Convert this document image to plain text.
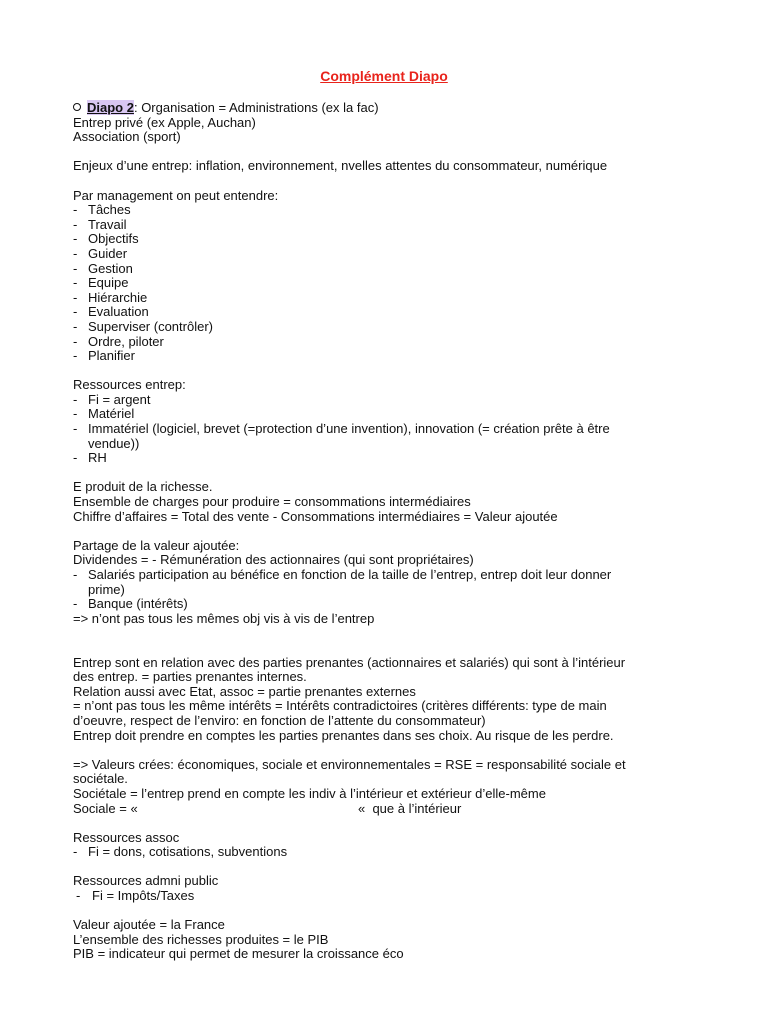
Complément Diapo
Diapo 2: Organisation = Administrations (ex la fac)
Entrep privé (ex Apple, Auchan)
Association (sport)
Enjeux d’une entrep: inflation, environnement, nvelles attentes du consommateur, numérique
Par management on peut entendre:
- Tâches
- Travail
- Objectifs
- Guider
- Gestion
- Equipe
- Hiérarchie
- Evaluation
- Superviser (contrôler)
- Ordre, piloter
- Planifier
Ressources entrep:
- Fi = argent
- Matériel
- Immatériel (logiciel, brevet (=protection d’une invention), innovation (= création prête à être
vendue))
- RH
E produit de la richesse.
Ensemble de charges pour produire = consommations intermédiaires
Chiffre d’affaires = Total des vente - Consommations intermédiaires = Valeur ajoutée
Partage de la valeur ajoutée:
Dividendes = - Rémunération des actionnaires (qui sont propriétaires)
- Salariés participation au bénéfice en fonction de la taille de l’entrep, entrep doit leur donner
prime)
- Banque (intérêts)
=> n’ont pas tous les mêmes obj vis à vis de l’entrep
Entrep sont en relation avec des parties prenantes (actionnaires et salariés) qui sont à l’intérieur
des entrep. = parties prenantes internes.
Relation aussi avec Etat, assoc = partie prenantes externes
= n’ont pas tous les même intérêts = Intérêts contradictoires (critères différents: type de main
d’oeuvre, respect de l’enviro: en fonction de l’attente du consommateur)
Entrep doit prendre en comptes les parties prenantes dans ses choix. Au risque de les perdre.
=> Valeurs crées: économiques, sociale et environnementales = RSE = responsabilité sociale et
sociétale.
Sociétale = l’entrep prend en compte les indiv à l’intérieur et extérieur d’elle-même
Sociale = «	«  que à l’intérieur
Ressources assoc
- Fi = dons, cotisations, subventions
Ressources admni public
- Fi = Impôts/Taxes
Valeur ajoutée = la France
L’ensemble des richesses produites = le PIB
PIB = indicateur qui permet de mesurer la croissance éco
